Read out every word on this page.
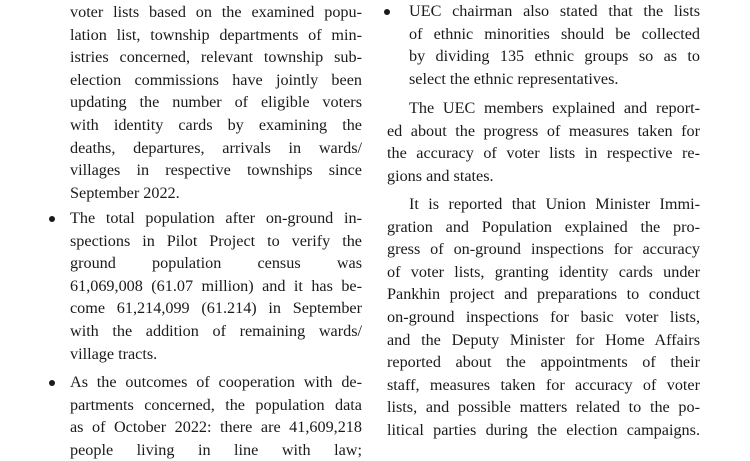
voter lists based on the examined popu-
lation list, township departments of min-
istries concerned, relevant township sub-
election commissions have jointly been
updating the number of eligible voters
with identity cards by examining the
deaths, departures, arrivals in wards/
villages in respective townships since
September 2022.
The total population after on-ground in-
spections in Pilot Project to verify the
ground population census was
61,069,008 (61.07 million) and it has be-
come 61,214,099 (61.214) in September
with the addition of remaining wards/
village tracts.
As the outcomes of cooperation with de-
partments concerned, the population data
as of October 2022: there are 41,609,218
people living in line with law;
UEC chairman also stated that the lists
of ethnic minorities should be collected
by dividing 135 ethnic groups so as to
select the ethnic representatives.
The UEC members explained and report-
ed about the progress of measures taken for
the accuracy of voter lists in respective re-
gions and states.
It is reported that Union Minister Immi-
gration and Population explained the pro-
gress of on-ground inspections for accuracy
of voter lists, granting identity cards under
Pankhin project and preparations to conduct
on-ground inspections for basic voter lists,
and the Deputy Minister for Home Affairs
reported about the appointments of their
staff, measures taken for accuracy of voter
lists, and possible matters related to the po-
litical parties during the election campaigns.
